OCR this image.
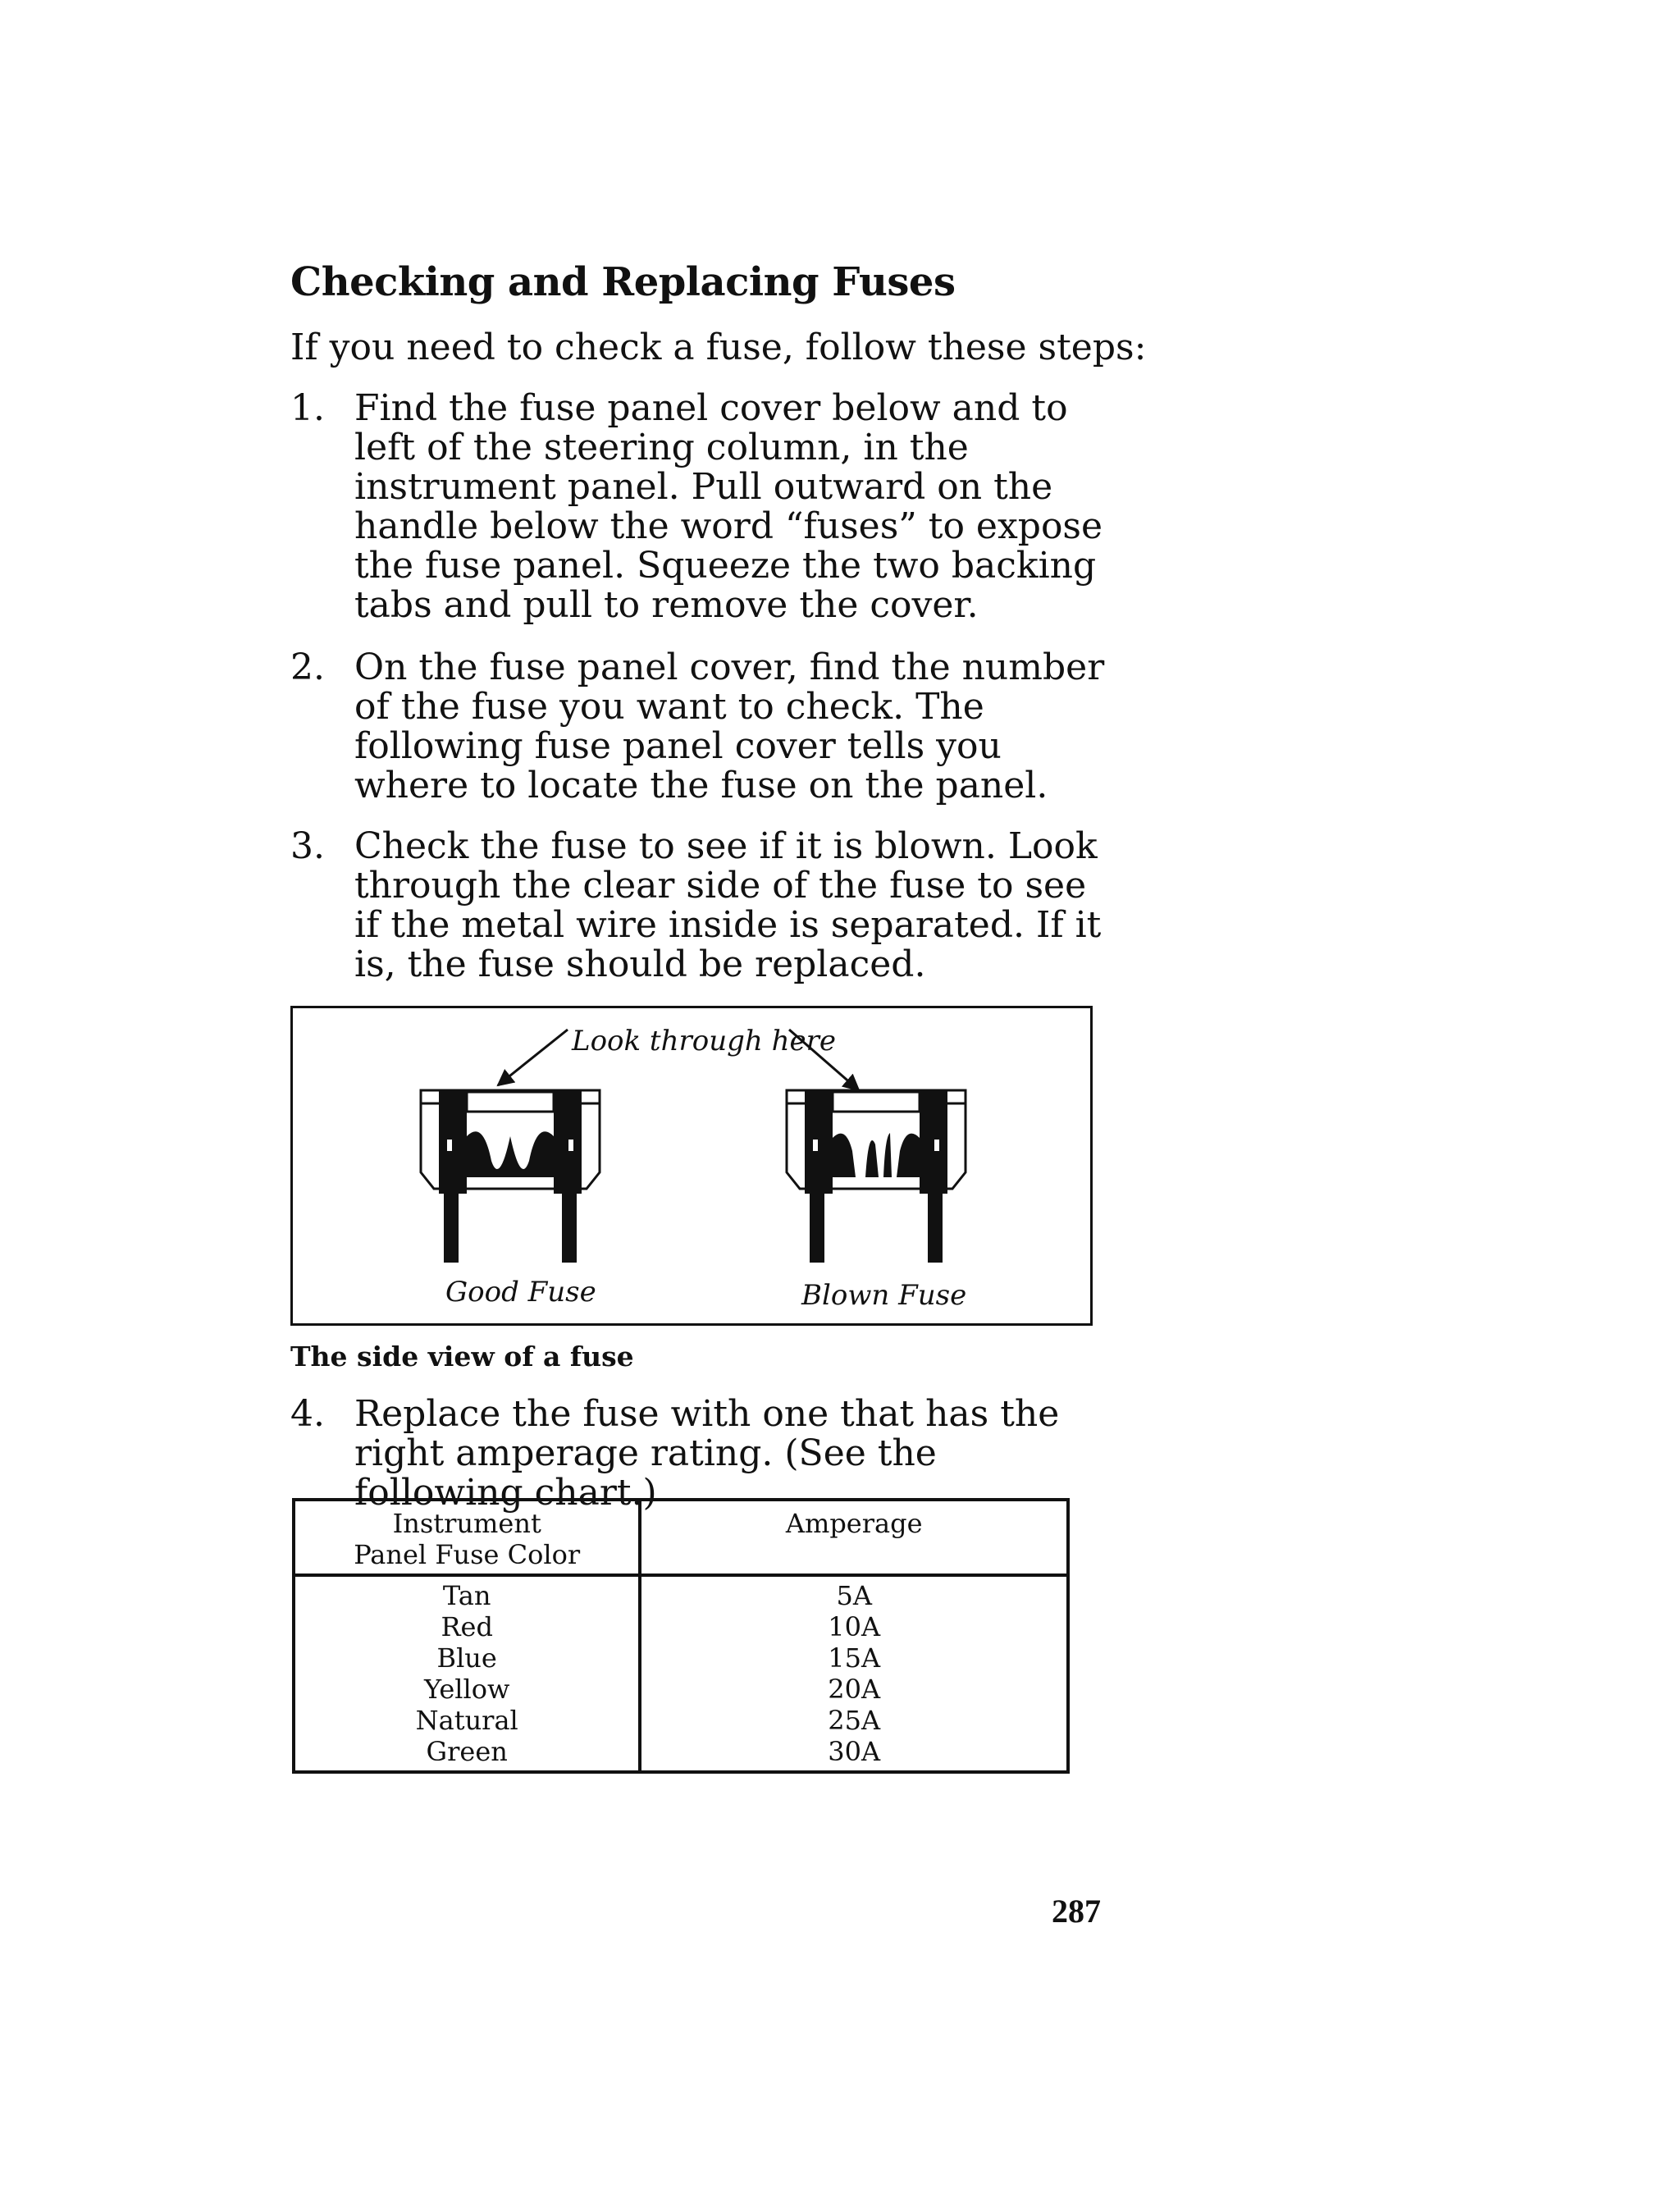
Checking and Replacing Fuses
If you need to check a fuse, follow these steps:
1. Find the fuse panel cover below and to left of the steering column, in the instrument panel. Pull outward on the handle below the word “fuses” to expose the fuse panel. Squeeze the two backing tabs and pull to remove the cover.
2. On the fuse panel cover, find the number of the fuse you want to check. The following fuse panel cover tells you where to locate the fuse on the panel.
3. Check the fuse to see if it is blown. Look through the clear side of the fuse to see if the metal wire inside is separated. If it is, the fuse should be replaced.
Look through here
Good Fuse	Blown Fuse
The side view of a fuse
4. Replace the fuse with one that has the right amperage rating. (See the following chart.)
Instrument
Panel Fuse Color	Amperage
Tan	5A
Red	10A
Blue	15A
Yellow	20A
Natural	25A
Green	30A
287
